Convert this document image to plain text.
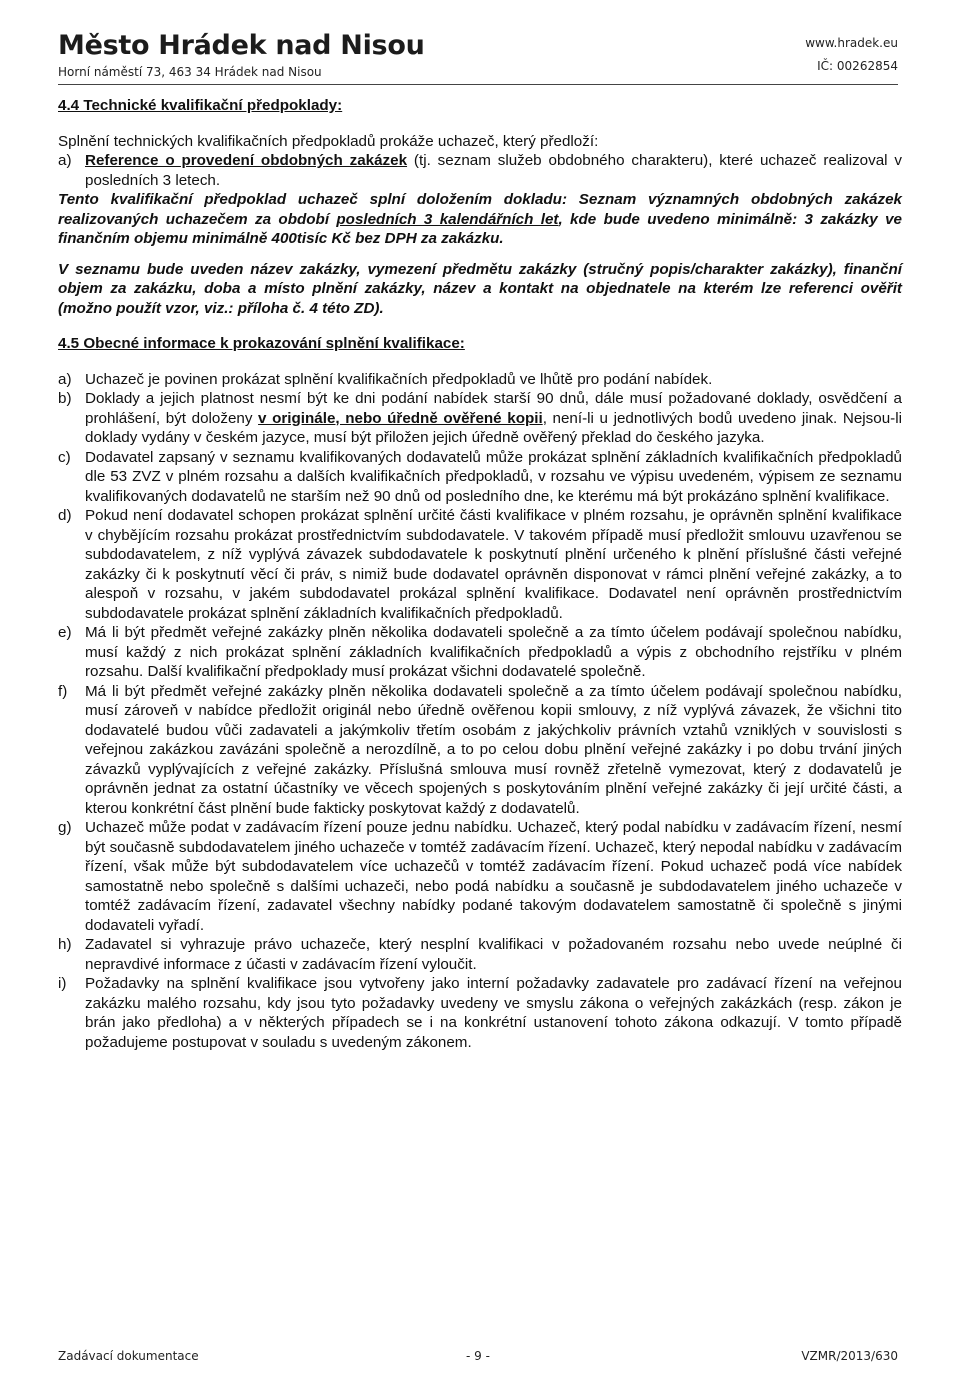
Město Hrádek nad Nisou
Horní náměstí 73, 463 34 Hrádek nad Nisou
www.hradek.eu
IČ: 00262854

4.4 Technické kvalifikační předpoklady:

Splnění technických kvalifikačních předpokladů prokáže uchazeč, který předloží:

a) Reference o provedení obdobných zakázek (tj. seznam služeb obdobného charakteru), které uchazeč realizoval v posledních 3 letech.

Tento kvalifikační předpoklad uchazeč splní doložením dokladu: Seznam významných obdobných zakázek realizovaných uchazečem za období posledních 3 kalendářních let, kde bude uvedeno minimálně: 3 zakázky ve finančním objemu minimálně 400tisíc Kč bez DPH za zakázku.

V seznamu bude uveden název zakázky, vymezení předmětu zakázky (stručný popis/charakter zakázky), finanční objem za zakázku, doba a místo plnění zakázky, název a kontakt na objednatele na kterém lze referenci ověřit (možno použít vzor, viz.: příloha č. 4 této ZD).

4.5 Obecné informace k prokazování splnění kvalifikace:

a) Uchazeč je povinen prokázat splnění kvalifikačních předpokladů ve lhůtě pro podání nabídek.
b) Doklady a jejich platnost nesmí být ke dni podání nabídek starší 90 dnů, dále musí požadované doklady, osvědčení a prohlášení, být doloženy v originále, nebo úředně ověřené kopii, není-li u jednotlivých bodů uvedeno jinak. Nejsou-li doklady vydány v českém jazyce, musí být přiložen jejich úředně ověřený překlad do českého jazyka.
c) Dodavatel zapsaný v seznamu kvalifikovaných dodavatelů může prokázat splnění základních kvalifikačních předpokladů dle 53 ZVZ v plném rozsahu a dalších kvalifikačních předpokladů, v rozsahu ve výpisu uvedeném, výpisem ze seznamu kvalifikovaných dodavatelů ne starším než 90 dnů od posledního dne, ke kterému má být prokázáno splnění kvalifikace.
d) Pokud není dodavatel schopen prokázat splnění určité části kvalifikace v plném rozsahu, je oprávněn splnění kvalifikace v chybějícím rozsahu prokázat prostřednictvím subdodavatele. V takovém případě musí předložit smlouvu uzavřenou se subdodavatelem, z níž vyplývá závazek subdodavatele k poskytnutí plnění určeného k plnění příslušné části veřejné zakázky či k poskytnutí věcí či práv, s nimiž bude dodavatel oprávněn disponovat v rámci plnění veřejné zakázky, a to alespoň v rozsahu, v jakém subdodavatel prokázal splnění kvalifikace. Dodavatel není oprávněn prostřednictvím subdodavatele prokázat splnění základních kvalifikačních předpokladů.
e) Má li být předmět veřejné zakázky plněn několika dodavateli společně a za tímto účelem podávají společnou nabídku, musí každý z nich prokázat splnění základních kvalifikačních předpokladů a výpis z obchodního rejstříku v plném rozsahu. Další kvalifikační předpoklady musí prokázat všichni dodavatelé společně.
f)	Má li být předmět veřejné zakázky plněn několika dodavateli společně a za tímto účelem podávají společnou nabídku, musí zároveň v nabídce předložit originál nebo úředně ověřenou kopii smlouvy, z níž vyplývá závazek, že všichni tito dodavatelé budou vůči zadavateli a jakýmkoliv třetím osobám z jakýchkoliv právních vztahů vzniklých v souvislosti s veřejnou zakázkou zavázáni společně a nerozdílně, a to po celou dobu plnění veřejné zakázky i po dobu trvání jiných závazků vyplývajících z veřejné zakázky. Příslušná smlouva musí rovněž zřetelně vymezovat, který z dodavatelů je oprávněn jednat za ostatní účastníky ve věcech spojených s poskytováním plnění veřejné zakázky či její určité části, a kterou konkrétní část plnění bude fakticky poskytovat každý z dodavatelů.
g) Uchazeč může podat v zadávacím řízení pouze jednu nabídku. Uchazeč, který podal nabídku v zadávacím řízení, nesmí být současně subdodavatelem jiného uchazeče v tomtéž zadávacím řízení. Uchazeč, který nepodal nabídku v zadávacím řízení, však může být subdodavatelem více uchazečů v tomtéž zadávacím řízení. Pokud uchazeč podá více nabídek samostatně nebo společně s dalšími uchazeči, nebo podá nabídku a současně je subdodavatelem jiného uchazeče v tomtéž zadávacím řízení, zadavatel všechny nabídky podané takovým dodavatelem samostatně či společně s jinými dodavateli vyřadí.
h) Zadavatel si vyhrazuje právo uchazeče, který nesplní kvalifikaci v požadovaném rozsahu nebo uvede neúplné či nepravdivé informace z účasti v zadávacím řízení vyloučit.
i)	Požadavky na splnění kvalifikace jsou vytvořeny jako interní požadavky zadavatele pro zadávací řízení na veřejnou zakázku malého rozsahu, kdy jsou tyto požadavky uvedeny ve smyslu zákona o veřejných zakázkách (resp. zákon je brán jako předloha) a v některých případech se i na konkrétní ustanovení tohoto zákona odkazují. V tomto případě požadujeme postupovat v souladu s uvedeným zákonem.
Zadávací dokumentace	- 9 -	VZMR/2013/630
